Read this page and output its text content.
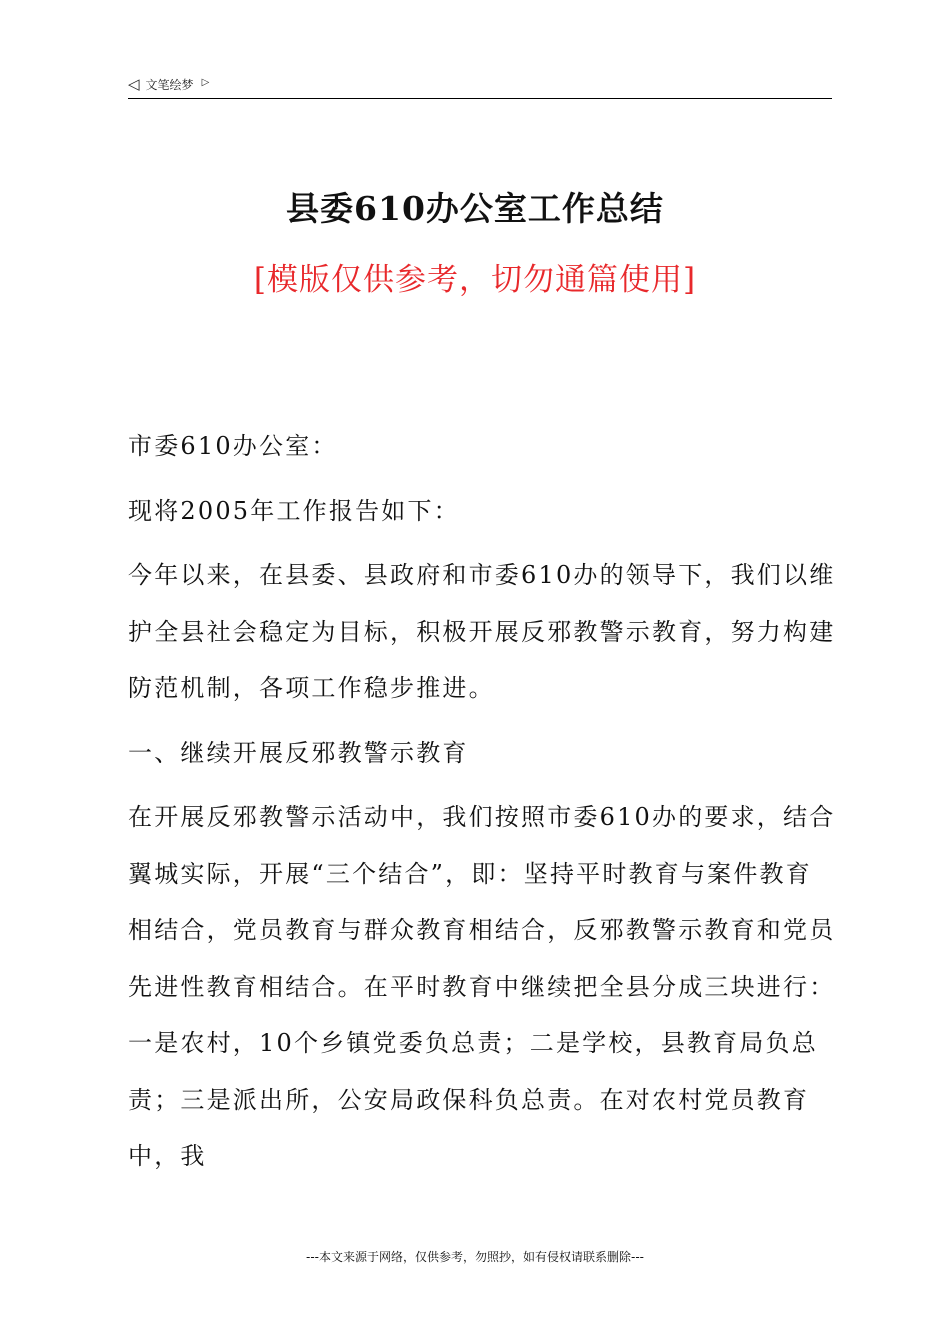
◁ 文笔绘梦 ▷
县委610办公室工作总结
[模版仅供参考，切勿通篇使用]

市委610办公室：

现将2005年工作报告如下：

今年以来，在县委、县政府和市委610办的领导下，我们以维护全县社会稳定为目标，积极开展反邪教警示教育，努力构建防范机制，各项工作稳步推进。

一、继续开展反邪教警示教育

在开展反邪教警示活动中，我们按照市委610办的要求，结合翼城实际，开展“三个结合”，即：坚持平时教育与案件教育相结合，党员教育与群众教育相结合，反邪教警示教育和党员先进性教育相结合。在平时教育中继续把全县分成三块进行：一是农村，10个乡镇党委负总责；二是学校，县教育局负总责；三是派出所，公安局政保科负总责。在对农村党员教育中，我

---本文来源于网络，仅供参考，勿照抄，如有侵权请联系删除---
